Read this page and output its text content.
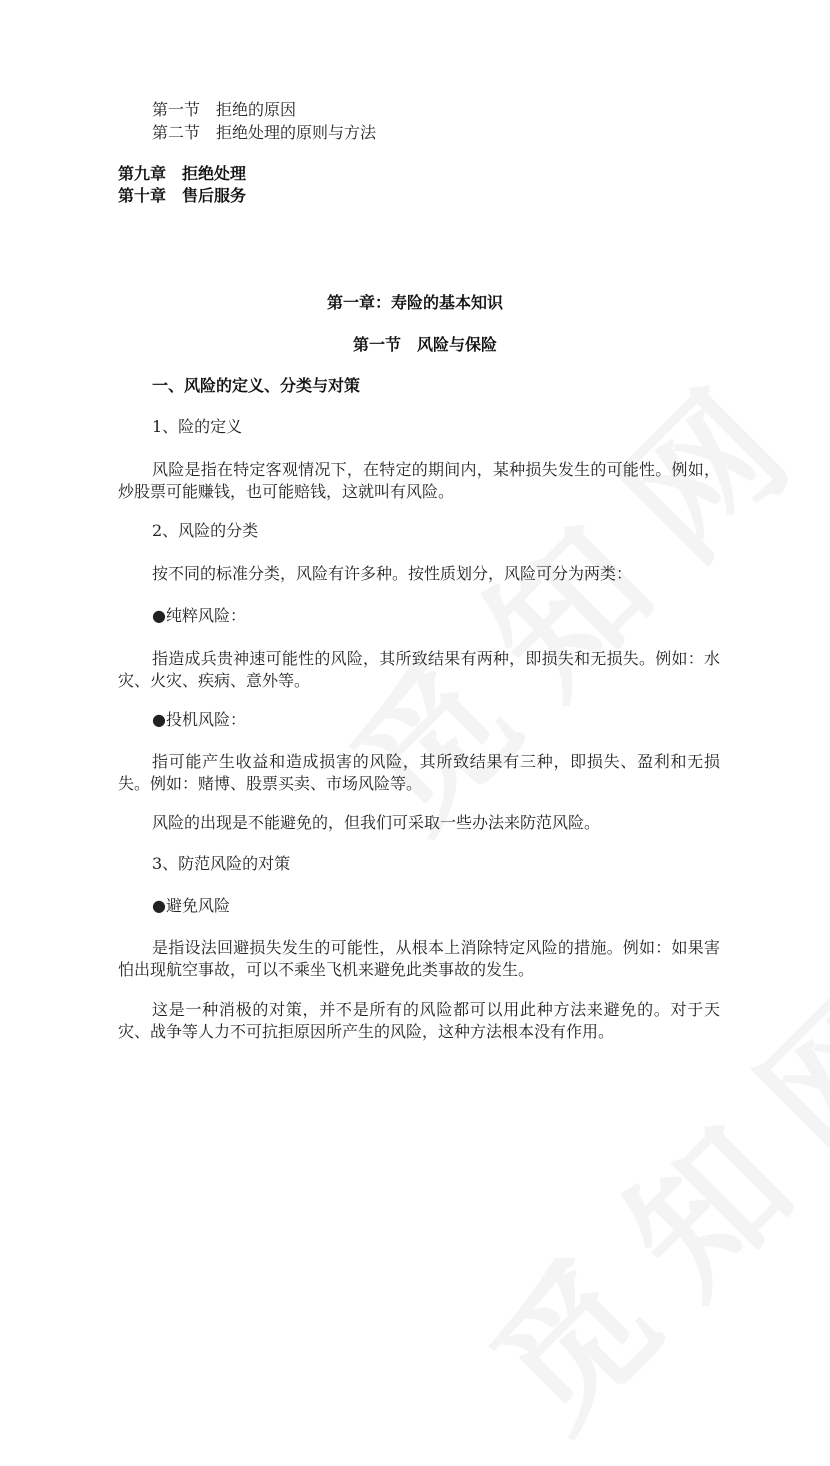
第一节　拒绝的原因
第二节　拒绝处理的原则与方法
第九章 拒绝处理
第十章 售后服务
第一章：寿险的基本知识
第一节　风险与保险
一、风险的定义、分类与对策
1、险的定义
风险是指在特定客观情况下，在特定的期间内，某种损失发生的可能性。例如，炒股票可能赚钱，也可能赔钱，这就叫有风险。
2、风险的分类
按不同的标准分类，风险有许多种。按性质划分，风险可分为两类：
●纯粹风险：
指造成兵贵神速可能性的风险，其所致结果有两种，即损失和无损失。例如：水灾、火灾、疾病、意外等。
●投机风险：
指可能产生收益和造成损害的风险，其所致结果有三种，即损失、盈利和无损失。例如：赌博、股票买卖、市场风险等。
风险的出现是不能避免的，但我们可采取一些办法来防范风险。
3、防范风险的对策
●避免风险
是指设法回避损失发生的可能性，从根本上消除特定风险的措施。例如：如果害怕出现航空事故，可以不乘坐飞机来避免此类事故的发生。
这是一种消极的对策，并不是所有的风险都可以用此种方法来避免的。对于天灾、战争等人力不可抗拒原因所产生的风险，这种方法根本没有作用。
